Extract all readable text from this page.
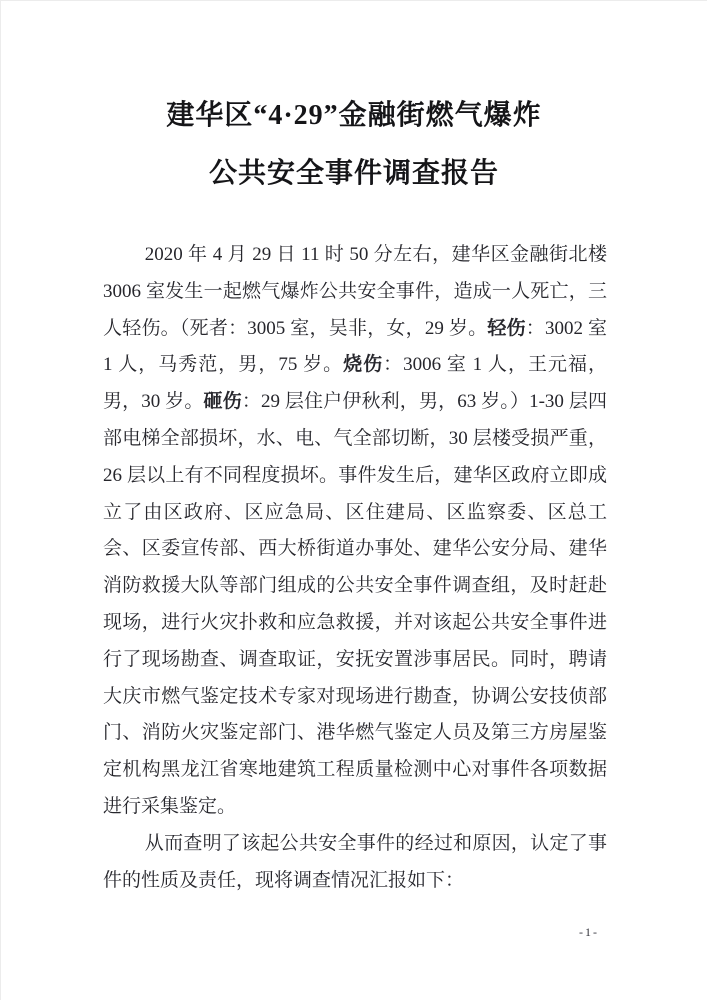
建华区“4·29”金融街燃气爆炸
公共安全事件调查报告

2020 年 4 月 29 日 11 时 50 分左右，建华区金融街北楼 3006 室发生一起燃气爆炸公共安全事件，造成一人死亡，三人轻伤。（死者：3005 室，吴非，女，29 岁。轻伤：3002 室 1 人，马秀范，男，75 岁。烧伤：3006 室 1 人，王元福，男，30 岁。砸伤：29 层住户伊秋利，男，63 岁。）1-30 层四部电梯全部损坏，水、电、气全部切断，30 层楼受损严重，26 层以上有不同程度损坏。事件发生后，建华区政府立即成立了由区政府、区应急局、区住建局、区监察委、区总工会、区委宣传部、西大桥街道办事处、建华公安分局、建华消防救援大队等部门组成的公共安全事件调查组，及时赶赴现场，进行火灾扑救和应急救援，并对该起公共安全事件进行了现场勘查、调查取证，安抚安置涉事居民。同时，聘请大庆市燃气鉴定技术专家对现场进行勘查，协调公安技侦部门、消防火灾鉴定部门、港华燃气鉴定人员及第三方房屋鉴定机构黑龙江省寒地建筑工程质量检测中心对事件各项数据进行采集鉴定。

从而查明了该起公共安全事件的经过和原因，认定了事件的性质及责任，现将调查情况汇报如下：

-1-
